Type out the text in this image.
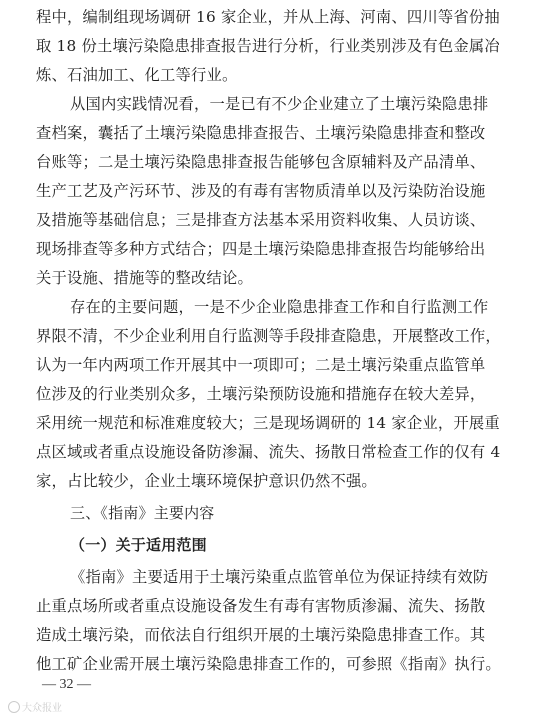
程中，编制组现场调研 16 家企业，并从上海、河南、四川等省份抽
取 18 份土壤污染隐患排查报告进行分析，行业类别涉及有色金属冶
炼、石油加工、化工等行业。
从国内实践情况看，一是已有不少企业建立了土壤污染隐患排
查档案，囊括了土壤污染隐患排查报告、土壤污染隐患排查和整改
台账等；二是土壤污染隐患排查报告能够包含原辅料及产品清单、
生产工艺及产污环节、涉及的有毒有害物质清单以及污染防治设施
及措施等基础信息；三是排查方法基本采用资料收集、人员访谈、
现场排查等多种方式结合；四是土壤污染隐患排查报告均能够给出
关于设施、措施等的整改结论。
存在的主要问题，一是不少企业隐患排查工作和自行监测工作
界限不清，不少企业利用自行监测等手段排查隐患，开展整改工作，
认为一年内两项工作开展其中一项即可；二是土壤污染重点监管单
位涉及的行业类别众多，土壤污染预防设施和措施存在较大差异，
采用统一规范和标准难度较大；三是现场调研的 14 家企业，开展重
点区域或者重点设施设备防渗漏、流失、扬散日常检查工作的仅有 4
家，占比较少，企业土壤环境保护意识仍然不强。
三、《指南》主要内容
（一）关于适用范围
《指南》主要适用于土壤污染重点监管单位为保证持续有效防
止重点场所或者重点设施设备发生有毒有害物质渗漏、流失、扬散
造成土壤污染，而依法自行组织开展的土壤污染隐患排查工作。其
他工矿企业需开展土壤污染隐患排查工作的，可参照《指南》执行。
— 32 —
大众报业
